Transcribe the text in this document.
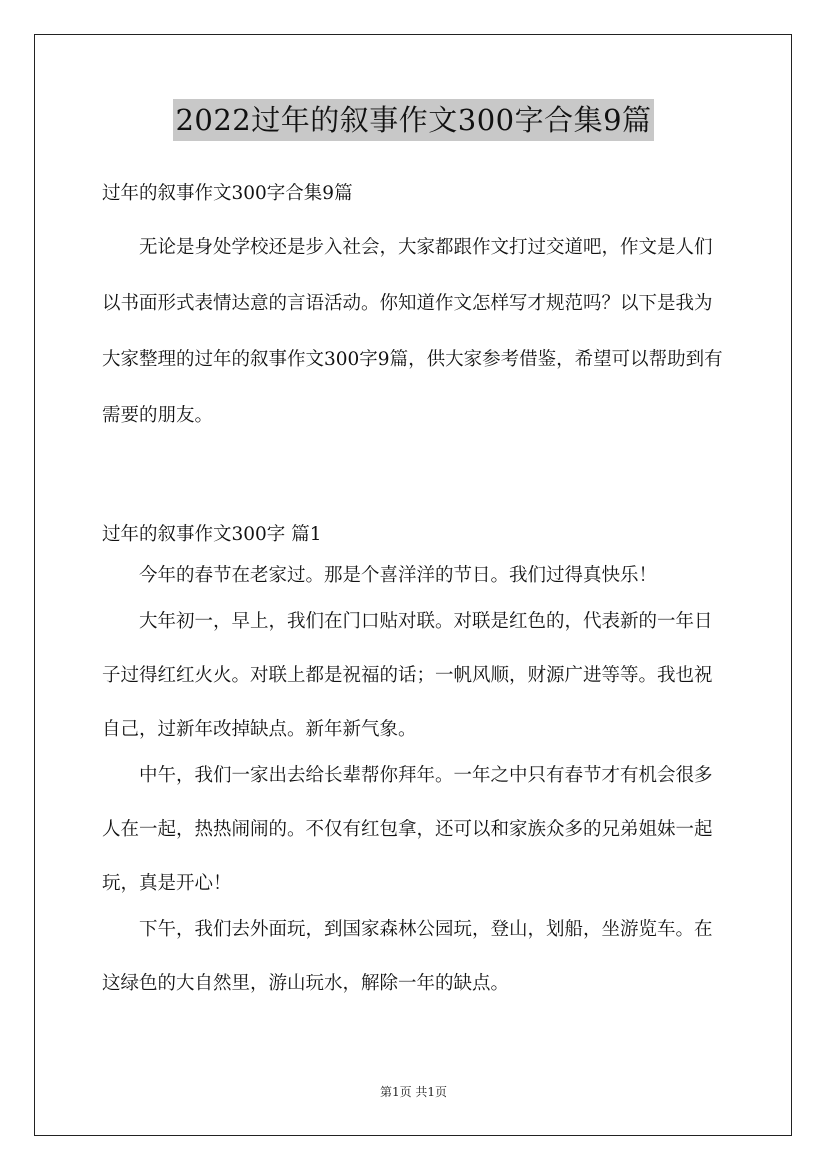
2022过年的叙事作文300字合集9篇

过年的叙事作文300字合集9篇

无论是身处学校还是步入社会，大家都跟作文打过交道吧，作文是人们以书面形式表情达意的言语活动。你知道作文怎样写才规范吗？以下是我为大家整理的过年的叙事作文300字9篇，供大家参考借鉴，希望可以帮助到有需要的朋友。

过年的叙事作文300字 篇1

今年的春节在老家过。那是个喜洋洋的节日。我们过得真快乐！

大年初一，早上，我们在门口贴对联。对联是红色的，代表新的一年日子过得红红火火。对联上都是祝福的话；一帆风顺，财源广进等等。我也祝自己，过新年改掉缺点。新年新气象。

中午，我们一家出去给长辈帮你拜年。一年之中只有春节才有机会很多人在一起，热热闹闹的。不仅有红包拿，还可以和家族众多的兄弟姐妹一起玩，真是开心！

下午，我们去外面玩，到国家森林公园玩，登山，划船，坐游览车。在这绿色的大自然里，游山玩水，解除一年的缺点。

第1页 共1页
